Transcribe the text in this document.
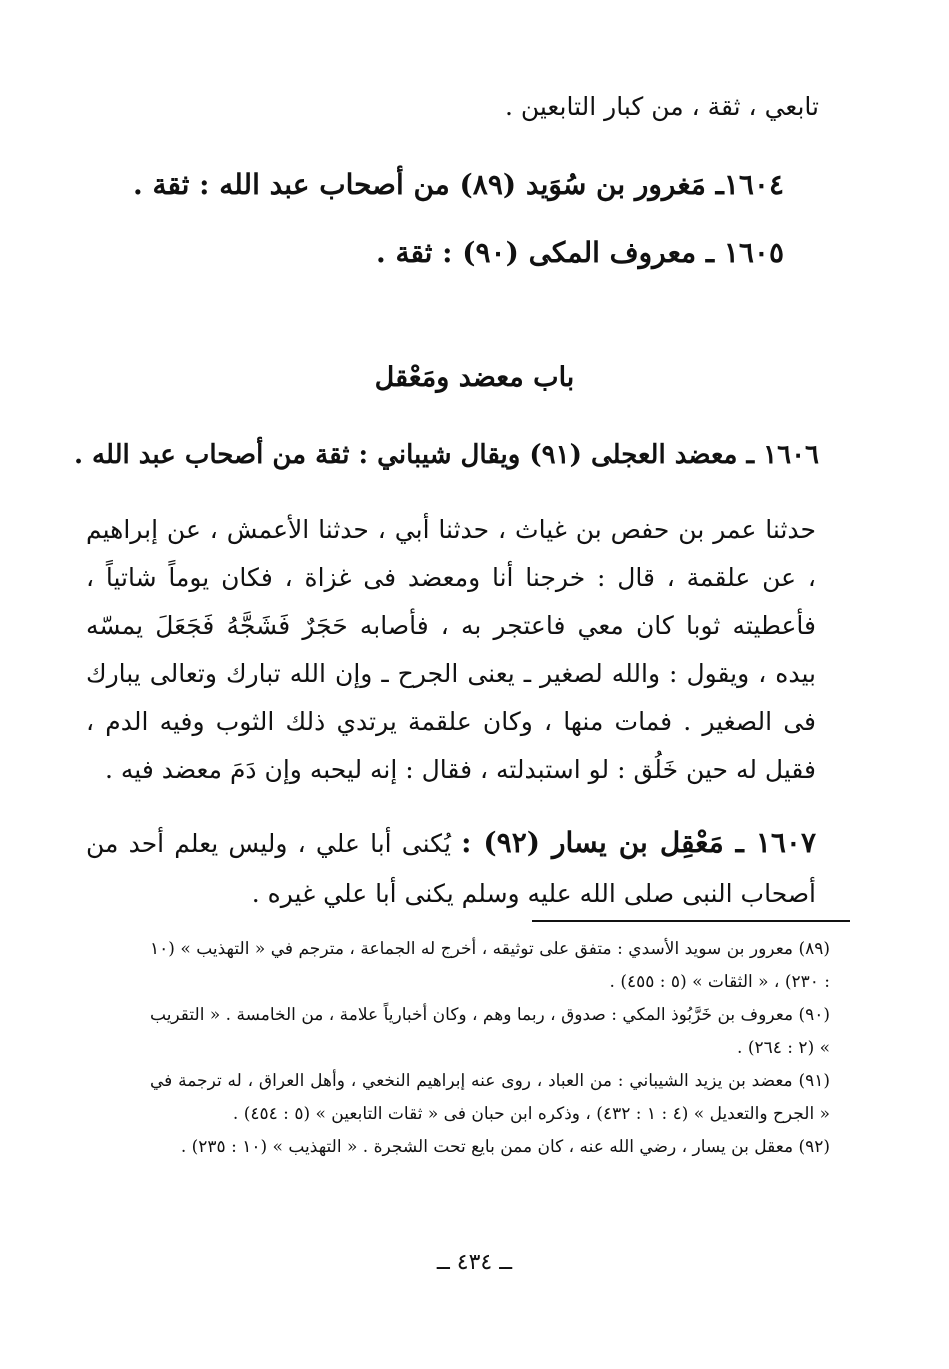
تابعي ، ثقة ، من كبار التابعين .
١٦٠٤ـ مَغرور بن سُوَيد (٨٩) من أصحاب عبد الله : ثقة .
١٦٠٥ ـ معروف المكى (٩٠) : ثقة .
باب معضد ومَعْقل
١٦٠٦ ـ معضد العجلى (٩١) ويقال شيباني : ثقة من أصحاب عبد الله .
حدثنا عمر بن حفص بن غياث ، حدثنا أبي ، حدثنا الأعمش ، عن إبراهيم ، عن علقمة ، قال : خرجنا أنا ومعضد فى غزاة ، فكان يوماً شاتياً ، فأعطيته ثوبا كان معي فاعتجر به ، فأصابه حَجَرٌ فَشَجَّهُ فَجَعَلَ يمسّه بيده ، ويقول : والله لصغير ـ يعنى الجرح ـ وإن الله تبارك وتعالى يبارك فى الصغير . فمات منها ، وكان علقمة يرتدي ذلك الثوب وفيه الدم ، فقيل له حين خَلُق : لو استبدلته ، فقال : إنه ليحبه وإن دَمَ معضد فيه .
١٦٠٧ ـ مَعْقِل بن يسار (٩٢) : يُكنى أبا علي ، وليس يعلم أحد من أصحاب النبى صلى الله عليه وسلم يكنى أبا علي غيره .

(٨٩) معرور بن سويد الأسدي : متفق على توثيقه ، أخرج له الجماعة ، مترجم في « التهذيب » (١٠ : ٢٣٠) ، « الثقات » (٥ : ٤٥٥) .

(٩٠) معروف بن خَرَّبُوذ المكي : صدوق ، ربما وهم ، وكان أخبارياً علامة ، من الخامسة . « التقريب » (٢ : ٢٦٤) .

(٩١) معضد بن يزيد الشيباني : من العباد ، روى عنه إبراهيم النخعي ، وأهل العراق ، له ترجمة في « الجرح والتعديل » (٤ : ١ : ٤٣٢) ، وذكره ابن حبان فى « ثقات التابعين » (٥ : ٤٥٤) .

(٩٢) معقل بن يسار ، رضي الله عنه ، كان ممن بايع تحت الشجرة . « التهذيب » (١٠ : ٢٣٥) .

ــ ٤٣٤ ــ
